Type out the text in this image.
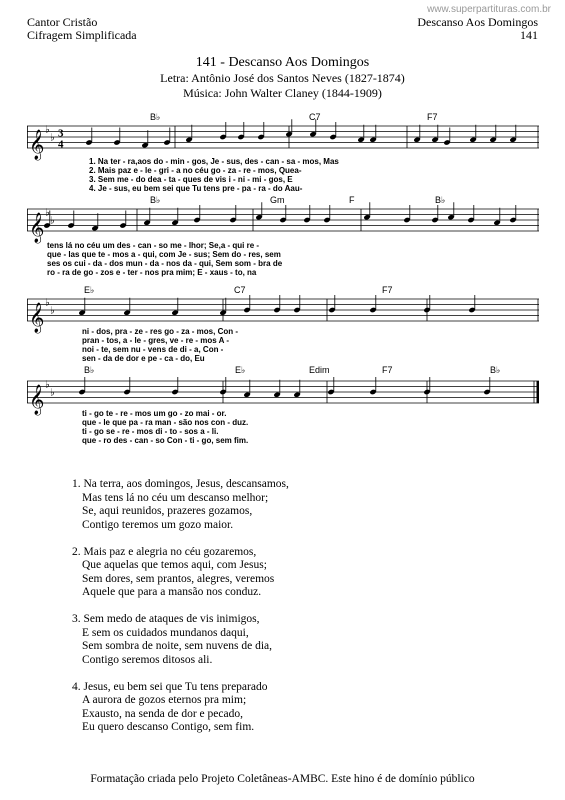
www.superpartituras.com.br
Cantor Cristão
Cifragem Simplificada
Descanso Aos Domingos
141
141 - Descanso Aos Domingos
Letra: Antônio José dos Santos Neves (1827-1874)
Música: John Walter Claney (1844-1909)
𝄞 ♭
♭ 3
4
B♭	C7	F7
1. Na ter - ra,aos do - min - gos, Je - sus, des - can - sa - mos, Mas
2. Mais paz e - le - gri - a no céu go - za - re - mos, Quea-
3. Sem me - do dea - ta - ques de vis i - ni - mi - gos, E
4. Je - sus, eu bem sei que Tu tens pre - pa - ra - do Aau-
𝄞 ♭
♭
B♭	Gm	F	B♭
tens lá no céu um des - can - so me - lhor; Se,a - qui re -
que - las que te - mos a - qui, com Je - sus; Sem do - res, sem
ses os cui - da - dos mun - da - nos da - qui, Sem som - bra de
ro - ra de go - zos e - ter - nos pra mim; E - xaus - to, na
𝄞 ♭
♭
E♭	C7	F7
ni - dos, pra - ze - res go - za - mos, Con -
pran - tos, a - le - gres, ve - re - mos A -
noi - te, sem nu - vens de di - a, Con -
sen - da de dor e pe - ca - do, Eu
𝄞 ♭
♭
B♭	E♭	Edim	F7	B♭
ti - go te - re - mos um go - zo mai - or.
que - le que pa - ra man - são nos con - duz.
ti - go se - re - mos di - to - sos a - li.
que - ro des - can - so Con - ti - go, sem fim.
1. Na terra, aos domingos, Jesus, descansamos,
Mas tens lá no céu um descanso melhor;
Se, aqui reunidos, prazeres gozamos,
Contigo teremos um gozo maior.
2. Mais paz e alegria no céu gozaremos,
Que aquelas que temos aqui, com Jesus;
Sem dores, sem prantos, alegres, veremos
Aquele que para a mansão nos conduz.
3. Sem medo de ataques de vis inimigos,
E sem os cuidados mundanos daqui,
Sem sombra de noite, sem nuvens de dia,
Contigo seremos ditosos ali.
4. Jesus, eu bem sei que Tu tens preparado
A aurora de gozos eternos pra mim;
Exausto, na senda de dor e pecado,
Eu quero descanso Contigo, sem fim.
Formatação criada pelo Projeto Coletâneas-AMBC. Este hino é de domínio público
